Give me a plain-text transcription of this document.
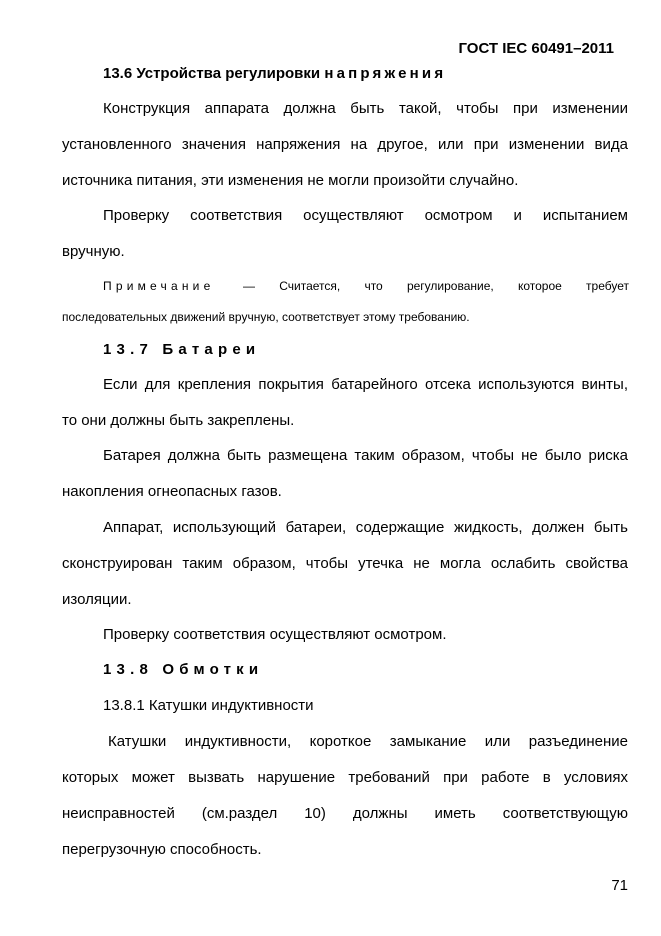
ГОСТ IEC 60491–2011
13.6 Устройства регулировки напряжения
Конструкция аппарата должна быть такой, чтобы при изменении
установленного значения напряжения на другое, или при изменении вида
источника питания, эти изменения не могли произойти случайно.
Проверку соответствия осуществляют осмотром и испытанием
вручную.
Примечание — Считается, что регулирование, которое требует
последовательных движений вручную, соответствует этому требованию.
13.7 Батареи
Если для крепления покрытия батарейного отсека используются винты,
то они должны быть закреплены.
Батарея должна быть размещена таким образом, чтобы не было риска
накопления огнеопасных газов.
Аппарат, использующий батареи, содержащие жидкость, должен быть
сконструирован таким образом, чтобы утечка не могла ослабить свойства
изоляции.
Проверку соответствия осуществляют осмотром.
13.8 Обмотки
13.8.1 Катушки индуктивности
Катушки индуктивности, короткое замыкание или разъединение
которых может вызвать нарушение требований при работе в условиях
неисправностей (см.раздел 10) должны иметь соответствующую
перегрузочную способность.
71
